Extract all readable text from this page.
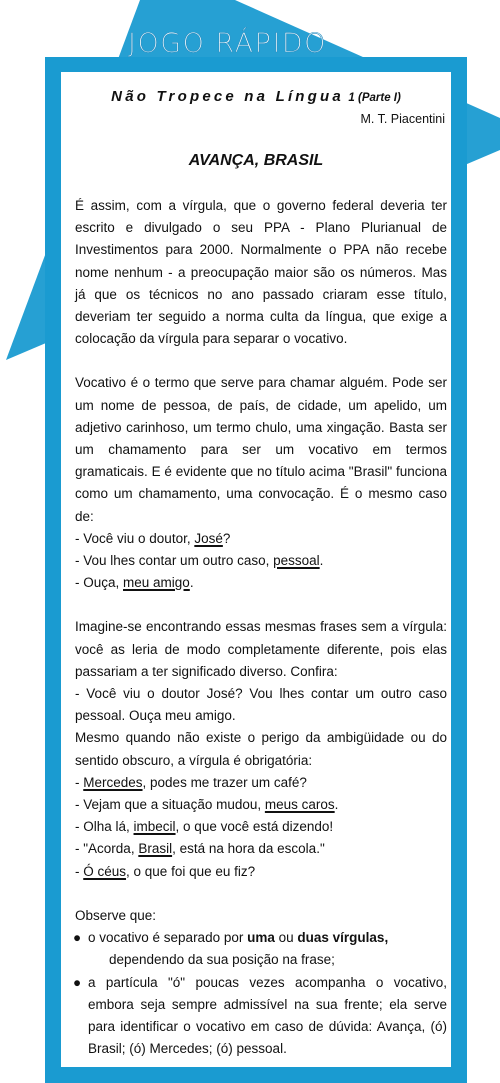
JOGO RÁPIDO
Não Tropece na Língua 1 (Parte I)
M. T. Piacentini
AVANÇA, BRASIL

É assim, com a vírgula, que o governo federal deveria ter escrito e divulgado o seu PPA - Plano Plurianual de Investimentos para 2000. Normalmente o PPA não recebe nome nenhum - a preocupação maior são os números. Mas já que os técnicos no ano passado criaram esse título, deveriam ter seguido a norma culta da língua, que exige a colocação da vírgula para separar o vocativo.

Vocativo é o termo que serve para chamar alguém. Pode ser um nome de pessoa, de país, de cidade, um apelido, um adjetivo carinhoso, um termo chulo, uma xingação. Basta ser um chamamento para ser um vocativo em termos gramaticais. E é evidente que no título acima "Brasil" funciona como um chamamento, uma convocação. É o mesmo caso de:

- Você viu o doutor, José?
- Vou lhes contar um outro caso, pessoal.
- Ouça, meu amigo.

Imagine-se encontrando essas mesmas frases sem a vírgula: você as leria de modo completamente diferente, pois elas passariam a ter significado diverso. Confira:

- Você viu o doutor José? Vou lhes contar um outro caso pessoal. Ouça meu amigo.

Mesmo quando não existe o perigo da ambigüidade ou do sentido obscuro, a vírgula é obrigatória:

- Mercedes, podes me trazer um café?
- Vejam que a situação mudou, meus caros.
- Olha lá, imbecil, o que você está dizendo!
- "Acorda, Brasil, está na hora da escola."
- Ó céus, o que foi que eu fiz?

Observe que:

● o vocativo é separado por uma ou duas vírgulas,
dependendo da sua posição na frase;
● a partícula "ó" poucas vezes acompanha o vocativo, embora seja sempre admissível na sua frente; ela serve para identificar o vocativo em caso de dúvida: Avança, (ó) Brasil; (ó) Mercedes; (ó) pessoal.
